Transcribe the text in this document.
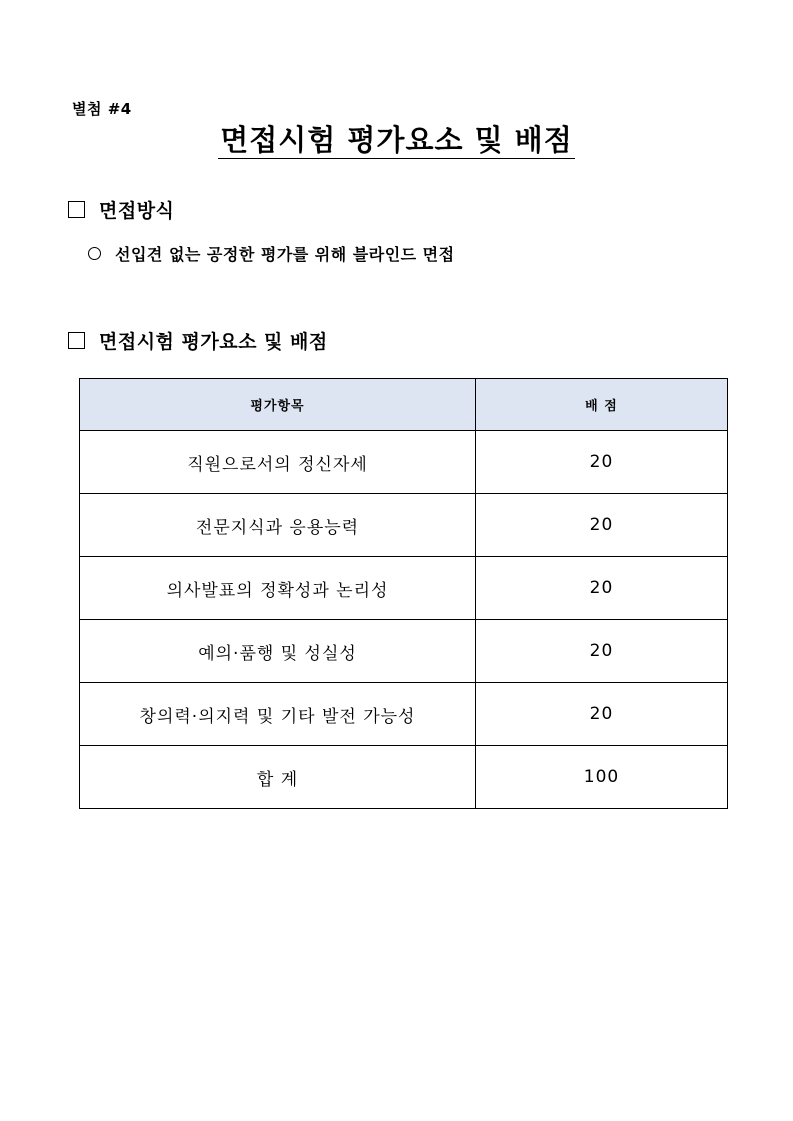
별첨 #4
면접시험 평가요소 및 배점
면접방식
선입견 없는 공정한 평가를 위해 블라인드 면접
면접시험 평가요소 및 배점
평가항목	배 점
직원으로서의 정신자세	20
전문지식과 응용능력	20
의사발표의 정확성과 논리성	20
예의·품행 및 성실성	20
창의력·의지력 및 기타 발전 가능성	20
합 계	100
